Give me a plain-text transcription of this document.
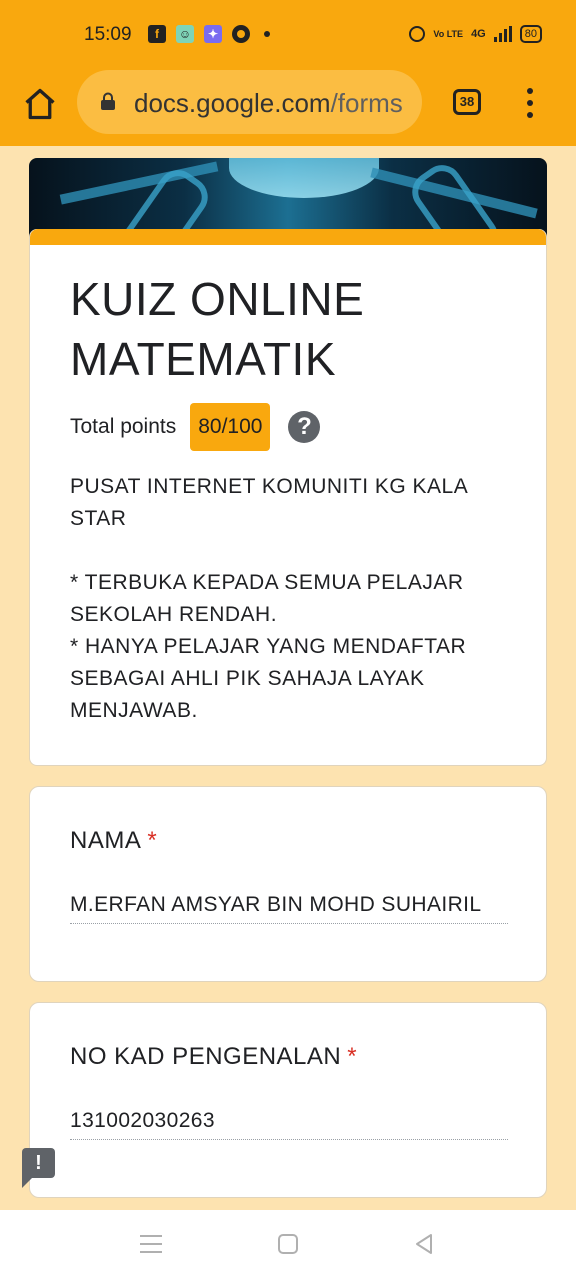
15:09	f	☺	✦	Vo LTE 4G	80
docs.google.com/forms	38
KUIZ ONLINE MATEMATIK
Total points	80/100	?

PUSAT INTERNET KOMUNITI KG KALA STAR

* TERBUKA KEPADA SEMUA PELAJAR SEKOLAH RENDAH.

* HANYA PELAJAR YANG MENDAFTAR SEBAGAI AHLI PIK SAHAJA LAYAK MENJAWAB.

NAMA *
M.ERFAN AMSYAR BIN MOHD SUHAIRIL
NO KAD PENGENALAN *
131002030263
!
